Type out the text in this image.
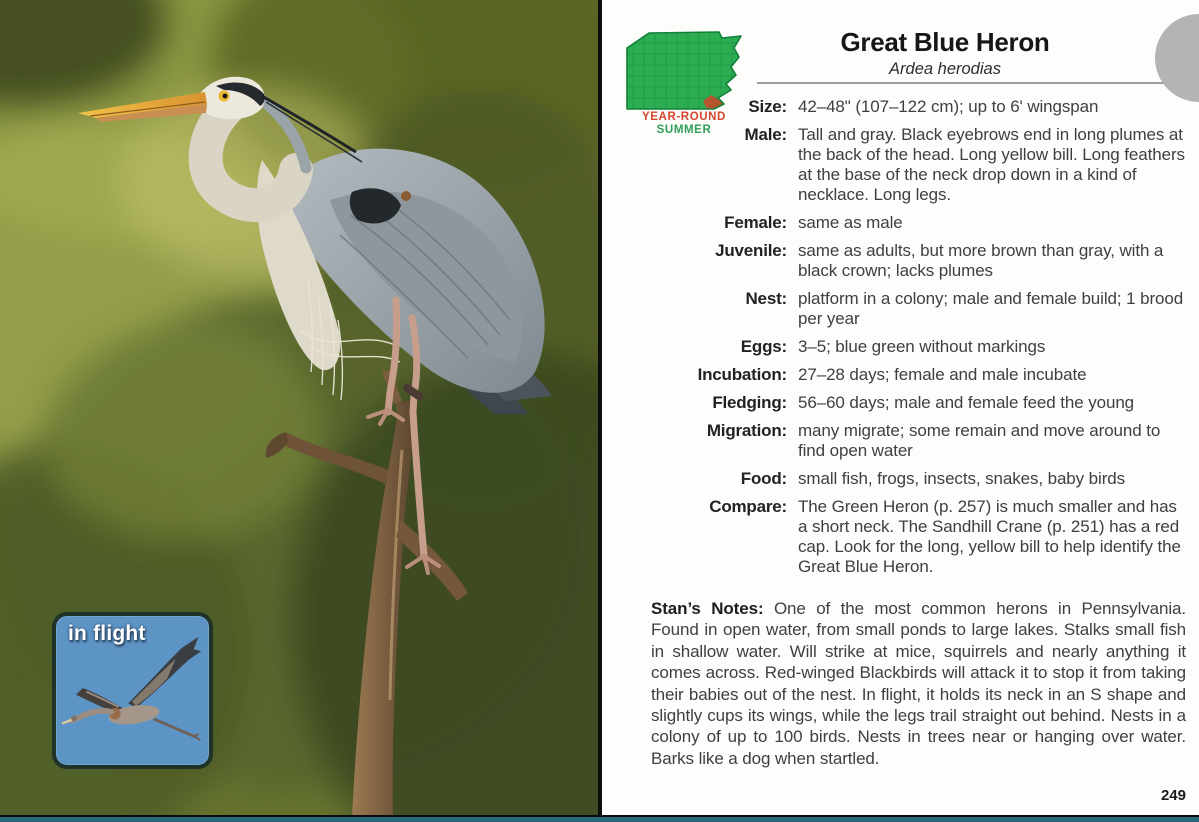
in flight
YEAR-ROUND
SUMMER
Great Blue Heron
Ardea herodias
Size: 42–48" (107–122 cm); up to 6' wingspan
Male: Tall and gray. Black eyebrows end in long plumes at the back of the head. Long yellow bill. Long feathers at the base of the neck drop down in a kind of necklace. Long legs.
Female: same as male
Juvenile: same as adults, but more brown than gray, with a black crown; lacks plumes
Nest: platform in a colony; male and female build; 1 brood per year
Eggs: 3–5; blue green without markings
Incubation: 27–28 days; female and male incubate
Fledging: 56–60 days; male and female feed the young
Migration: many migrate; some remain and move around to find open water
Food: small fish, frogs, insects, snakes, baby birds
Compare: The Green Heron (p. 257) is much smaller and has a short neck. The Sandhill Crane (p. 251) has a red cap. Look for the long, yellow bill to help identify the Great Blue Heron.
Stan’s Notes: One of the most common herons in Pennsylvania. Found in open water, from small ponds to large lakes. Stalks small fish in shallow water. Will strike at mice, squirrels and nearly anything it comes across. Red-winged Blackbirds will attack it to stop it from taking their babies out of the nest. In flight, it holds its neck in an S shape and slightly cups its wings, while the legs trail straight out behind. Nests in a colony of up to 100 birds. Nests in trees near or hanging over water. Barks like a dog when startled.
249
